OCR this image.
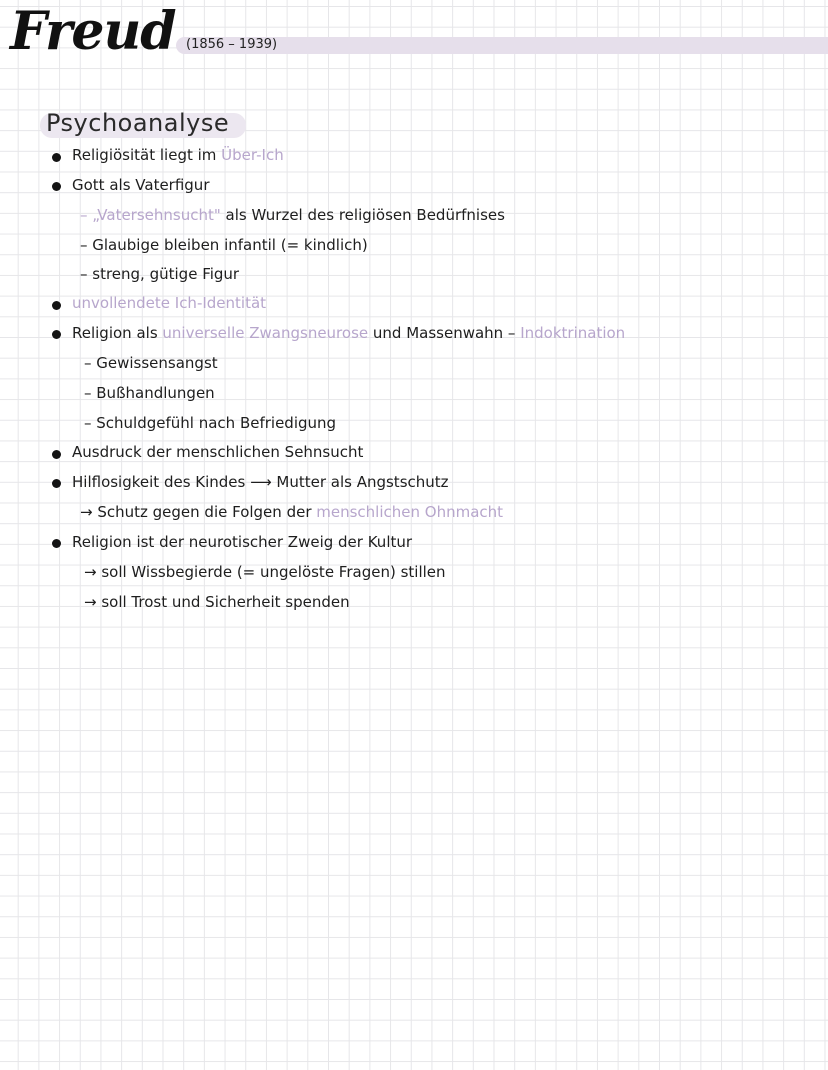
Freud (1856 – 1939)
Psychoanalyse
Religiösität liegt im Über-Ich
Gott als Vaterfigur
– „Vatersehnsucht" als Wurzel des religiösen Bedürfnises
– Glaubige bleiben infantil (= kindlich)
– streng, gütige Figur
unvollendete Ich-Identität
Religion als universelle Zwangsneurose und Massenwahn – Indoktrination
– Gewissensangst
– Bußhandlungen
– Schuldgefühl nach Befriedigung
Ausdruck der menschlichen Sehnsucht
Hilflosigkeit des Kindes ⟶ Mutter als Angstschutz
→ Schutz gegen die Folgen der menschlichen Ohnmacht
Religion ist der neurotischer Zweig der Kultur
→ soll Wissbegierde (= ungelöste Fragen) stillen
→ soll Trost und Sicherheit spenden
